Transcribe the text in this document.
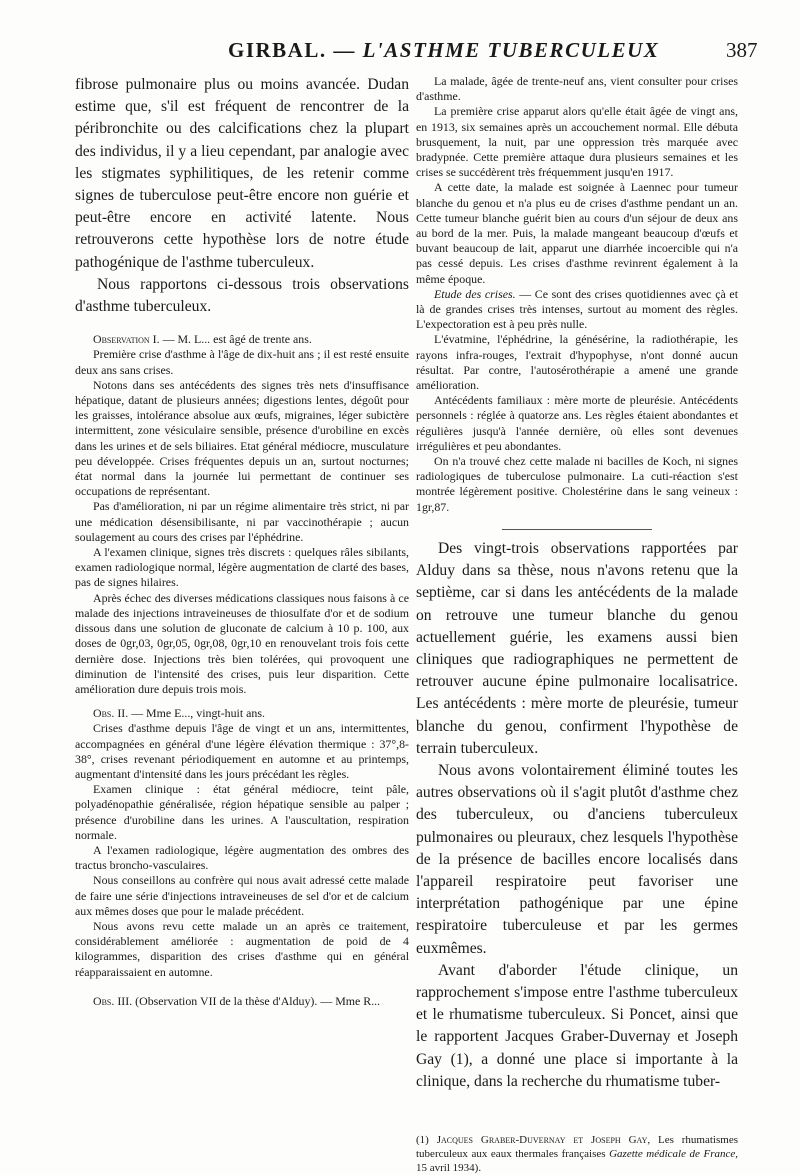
GIRBAL. — L'ASTHME TUBERCULEUX	387

fibrose pulmonaire plus ou moins avancée. Dudan estime que, s'il est fréquent de rencontrer de la péribronchite ou des calcifications chez la plupart des individus, il y a lieu cependant, par analogie avec les stigmates syphilitiques, de les retenir comme signes de tuberculose peut-être encore non guérie et peut-être encore en activité latente. Nous retrouverons cette hypothèse lors de notre étude pathogénique de l'asthme tuberculeux.

Nous rapportons ci-dessous trois observations d'asthme tuberculeux.

Observation I. — M. L... est âgé de trente ans.

Première crise d'asthme à l'âge de dix-huit ans ; il est resté ensuite deux ans sans crises.

Notons dans ses antécédents des signes très nets d'insuffisance hépatique, datant de plusieurs années; digestions lentes, dégoût pour les graisses, intolérance absolue aux œufs, migraines, léger subictère intermittent, zone vésiculaire sensible, présence d'urobiline en excès dans les urines et de sels biliaires. Etat général médiocre, musculature peu développée. Crises fréquentes depuis un an, surtout nocturnes; état normal dans la journée lui permettant de continuer ses occupations de représentant.

Pas d'amélioration, ni par un régime alimentaire très strict, ni par une médication désensibilisante, ni par vaccinothérapie ; aucun soulagement au cours des crises par l'éphédrine.

A l'examen clinique, signes très discrets : quelques râles sibilants, examen radiologique normal, légère augmentation de clarté des bases, pas de signes hilaires.

Après échec des diverses médications classiques nous faisons à ce malade des injections intraveineuses de thiosulfate d'or et de sodium dissous dans une solution de gluconate de calcium à 10 p. 100, aux doses de 0gr,03, 0gr,05, 0gr,08, 0gr,10 en renouvelant trois fois cette dernière dose. Injections très bien tolérées, qui provoquent une diminution de l'intensité des crises, puis leur disparition. Cette amélioration dure depuis trois mois.

Obs. II. — Mme E..., vingt-huit ans.

Crises d'asthme depuis l'âge de vingt et un ans, intermittentes, accompagnées en général d'une légère élévation thermique : 37°,8-38°, crises revenant périodiquement en automne et au printemps, augmentant d'intensité dans les jours précédant les règles.

Examen clinique : état général médiocre, teint pâle, polyadénopathie généralisée, région hépatique sensible au palper ; présence d'urobiline dans les urines. A l'auscultation, respiration normale.

A l'examen radiologique, légère augmentation des ombres des tractus broncho-vasculaires.

Nous conseillons au confrère qui nous avait adressé cette malade de faire une série d'injections intraveineuses de sel d'or et de calcium aux mêmes doses que pour le malade précédent.

Nous avons revu cette malade un an après ce traitement, considérablement améliorée : augmentation de poid de 4 kilogrammes, disparition des crises d'asthme qui en général réapparaissaient en automne.

Obs. III. (Observation VII de la thèse d'Alduy). — Mme R...

La malade, âgée de trente-neuf ans, vient consulter pour crises d'asthme.

La première crise apparut alors qu'elle était âgée de vingt ans, en 1913, six semaines après un accouchement normal. Elle débuta brusquement, la nuit, par une oppression très marquée avec bradypnée. Cette première attaque dura plusieurs semaines et les crises se succédèrent très fréquemment jusqu'en 1917.

A cette date, la malade est soignée à Laennec pour tumeur blanche du genou et n'a plus eu de crises d'asthme pendant un an. Cette tumeur blanche guérit bien au cours d'un séjour de deux ans au bord de la mer. Puis, la malade mangeant beaucoup d'œufs et buvant beaucoup de lait, apparut une diarrhée incoercible qui n'a pas cessé depuis. Les crises d'asthme revinrent également à la même époque.

Etude des crises. — Ce sont des crises quotidiennes avec çà et là de grandes crises très intenses, surtout au moment des règles. L'expectoration est à peu près nulle.

L'évatmine, l'éphédrine, la génésérine, la radiothérapie, les rayons infra-rouges, l'extrait d'hypophyse, n'ont donné aucun résultat. Par contre, l'autosérothérapie a amené une grande amélioration.

Antécédents familiaux : mère morte de pleurésie. Antécédents personnels : réglée à quatorze ans. Les règles étaient abondantes et régulières jusqu'à l'année dernière, où elles sont devenues irrégulières et peu abondantes.

On n'a trouvé chez cette malade ni bacilles de Koch, ni signes radiologiques de tuberculose pulmonaire. La cuti-réaction s'est montrée légèrement positive. Cholestérine dans le sang veineux : 1gr,87.

Des vingt-trois observations rapportées par Alduy dans sa thèse, nous n'avons retenu que la septième, car si dans les antécédents de la malade on retrouve une tumeur blanche du genou actuellement guérie, les examens aussi bien cliniques que radiographiques ne permettent de retrouver aucune épine pulmonaire localisatrice. Les antécédents : mère morte de pleurésie, tumeur blanche du genou, confirment l'hypothèse de terrain tuberculeux.

Nous avons volontairement éliminé toutes les autres observations où il s'agit plutôt d'asthme chez des tuberculeux, ou d'anciens tuberculeux pulmonaires ou pleuraux, chez lesquels l'hypothèse de la présence de bacilles encore localisés dans l'appareil respiratoire peut favoriser une interprétation pathogénique par une épine respiratoire tuberculeuse et par les germes euxmêmes.

Avant d'aborder l'étude clinique, un rapprochement s'impose entre l'asthme tuberculeux et le rhumatisme tuberculeux. Si Poncet, ainsi que le rapportent Jacques Graber-Duvernay et Joseph Gay (1), a donné une place si importante à la clinique, dans la recherche du rhumatisme tuber-

(1) Jacques Graber-Duvernay et Joseph Gay, Les rhumatismes tuberculeux aux eaux thermales françaises Gazette médicale de France, 15 avril 1934).
